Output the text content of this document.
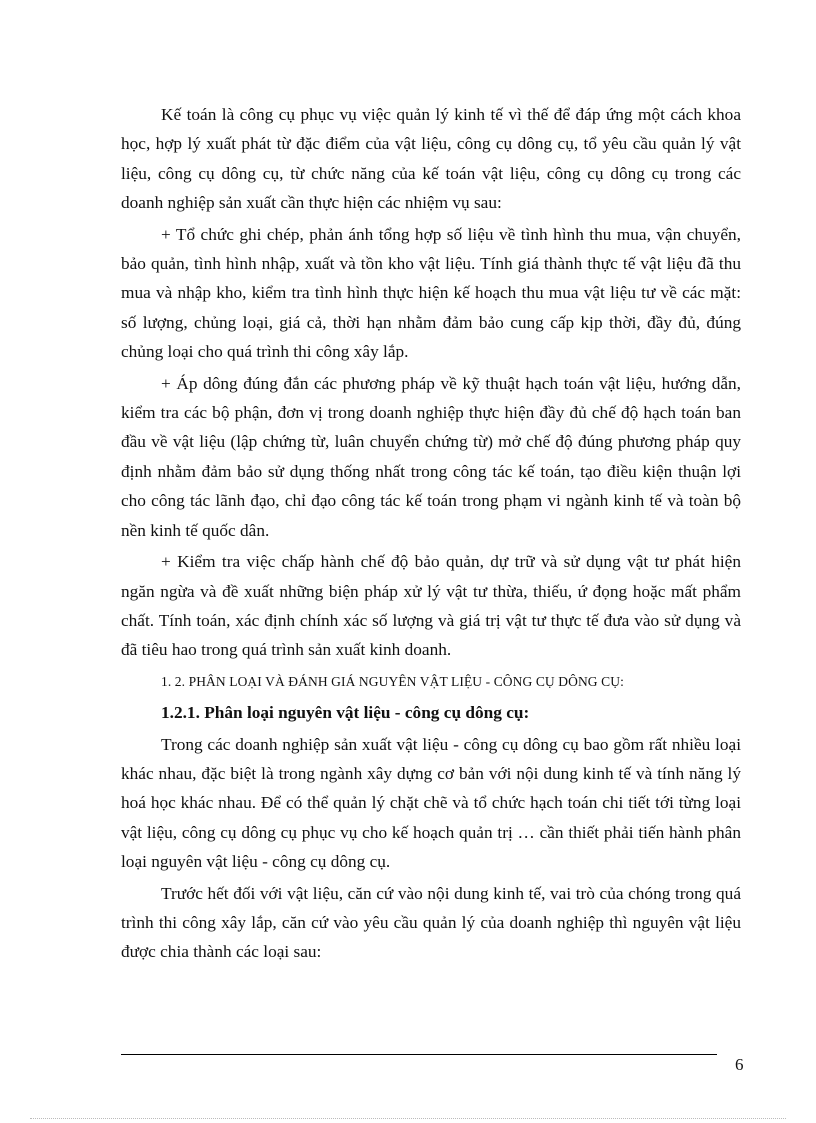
Kế toán là công cụ phục vụ việc quản lý kinh tế vì thế để đáp ứng một cách khoa học, hợp lý xuất phát từ đặc điểm của vật liệu, công cụ dông cụ, tổ yêu cầu quản lý vật liệu, công cụ dông cụ, từ chức năng của kế toán vật liệu, công cụ dông cụ trong các doanh nghiệp sản xuất cần thực hiện các nhiệm vụ sau:

+ Tổ chức ghi chép, phản ánh tổng hợp số liệu về tình hình thu mua, vận chuyển, bảo quản, tình hình nhập, xuất và tồn kho vật liệu. Tính giá thành thực tế vật liệu đã thu mua và nhập kho, kiểm tra tình hình thực hiện kế hoạch thu mua vật liệu tư về các mặt: số lượng, chủng loại, giá cả, thời hạn nhằm đảm bảo cung cấp kịp thời, đầy đủ, đúng chủng loại cho quá trình thi công xây lắp.

+ Áp dông đúng đắn các phương pháp về kỹ thuật hạch toán vật liệu, hướng dẫn, kiểm tra các bộ phận, đơn vị trong doanh nghiệp thực hiện đầy đủ chế độ hạch toán ban đầu về vật liệu (lập chứng từ, luân chuyển chứng từ) mở chế độ đúng phương pháp quy định nhằm đảm bảo sử dụng thống nhất trong công tác kế toán, tạo điều kiện thuận lợi cho công tác lãnh đạo, chỉ đạo công tác kế toán trong phạm vi ngành kinh tế và toàn bộ nền kinh tế quốc dân.

+ Kiểm tra việc chấp hành chế độ bảo quản, dự trữ và sử dụng vật tư phát hiện ngăn ngừa và đề xuất những biện pháp xử lý vật tư thừa, thiếu, ứ đọng hoặc mất phẩm chất. Tính toán, xác định chính xác số lượng và giá trị vật tư thực tế đưa vào sử dụng và đã tiêu hao trong quá trình sản xuất kinh doanh.

1. 2. PHÂN LOẠI VÀ ĐÁNH GIÁ NGUYÊN VẬT LIỆU - CÔNG CỤ DÔNG CỤ:

1.2.1. Phân loại nguyên vật liệu - công cụ dông cụ:

Trong các doanh nghiệp sản xuất vật liệu - công cụ dông cụ bao gồm rất nhiều loại khác nhau, đặc biệt là trong ngành xây dựng cơ bản với nội dung kinh tế và tính năng lý hoá học khác nhau. Để có thể quản lý chặt chẽ và tổ chức hạch toán chi tiết tới từng loại vật liệu, công cụ dông cụ phục vụ cho kế hoạch quản trị … cần thiết phải tiến hành phân loại nguyên vật liệu - công cụ dông cụ.

Trước hết đối với vật liệu, căn cứ vào nội dung kinh tế, vai trò của chóng trong quá trình thi công xây lắp, căn cứ vào yêu cầu quản lý của doanh nghiệp thì nguyên vật liệu được chia thành các loại sau:

6
